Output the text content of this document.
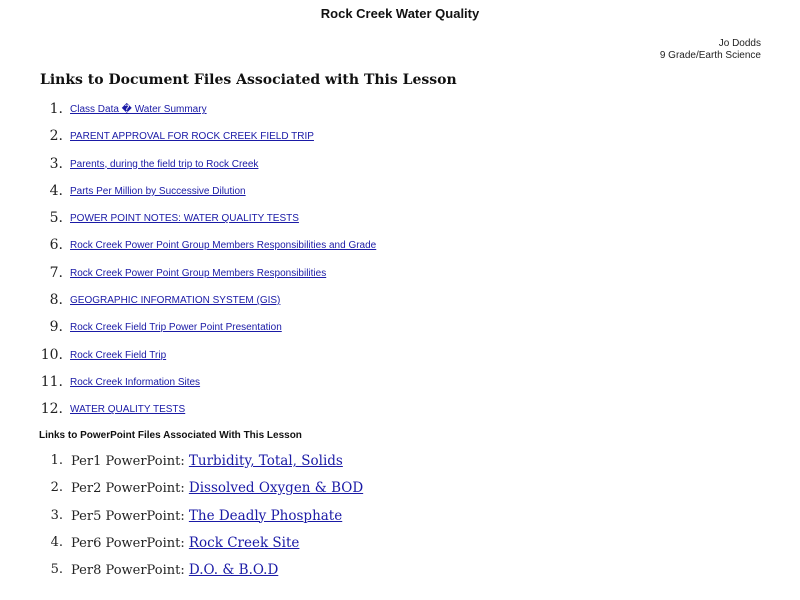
Rock Creek Water Quality
Jo Dodds
9 Grade/Earth Science
Links to Document Files Associated with This Lesson
1. Class Data � Water Summary
2. PARENT APPROVAL FOR ROCK CREEK FIELD TRIP
3. Parents, during the field trip to Rock Creek
4. Parts Per Million by Successive Dilution
5. POWER POINT NOTES: WATER QUALITY TESTS
6. Rock Creek Power Point Group Members Responsibilities and Grade
7. Rock Creek Power Point Group Members Responsibilities
8. GEOGRAPHIC INFORMATION SYSTEM (GIS)
9. Rock Creek Field Trip Power Point Presentation
10. Rock Creek Field Trip
11. Rock Creek Information Sites
12. WATER QUALITY TESTS
Links to PowerPoint Files Associated With This Lesson
1. Per1 PowerPoint: Turbidity, Total, Solids
2. Per2 PowerPoint: Dissolved Oxygen & BOD
3. Per5 PowerPoint: The Deadly Phosphate
4. Per6 PowerPoint: Rock Creek Site
5. Per8 PowerPoint: D.O. & B.O.D
